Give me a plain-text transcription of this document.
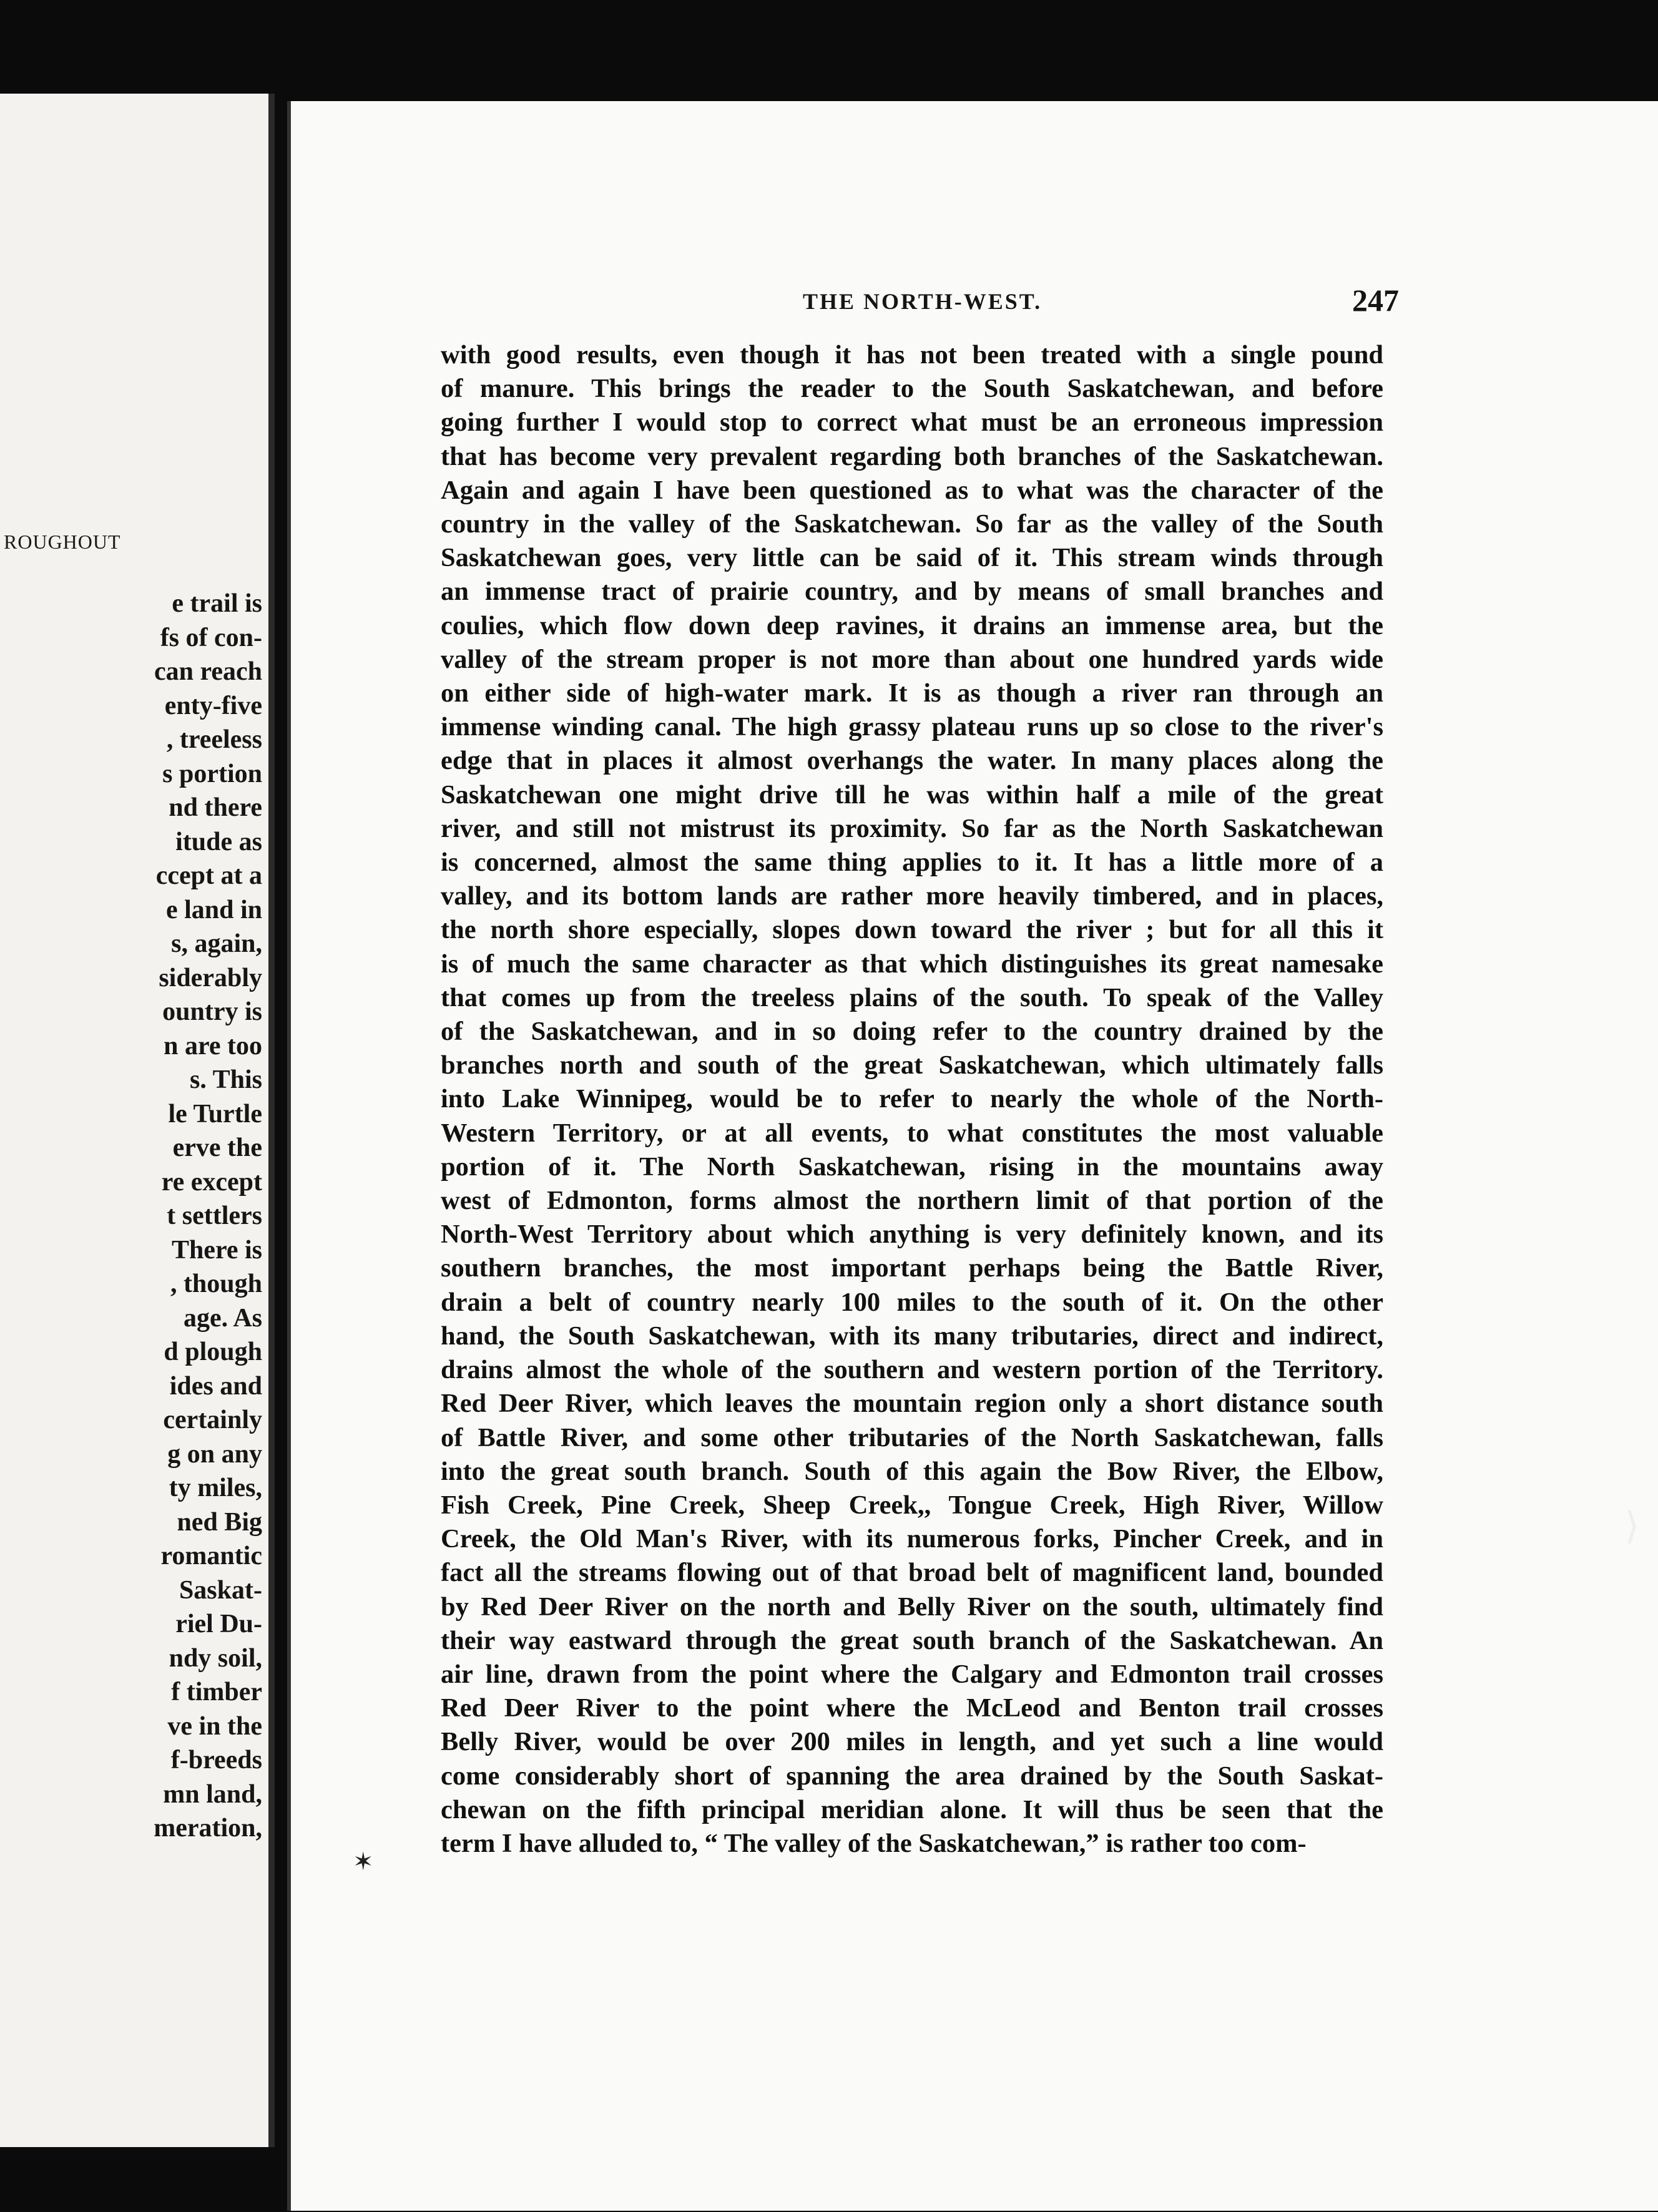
ROUGHOUT
e trail is
fs of con-
can reach
enty-five
, treeless
s portion
nd there
itude as
ccept at a
e land in
s, again,
siderably
ountry is
n are too
s. This
le Turtle
erve the
re except
t settlers
There is
, though
age. As
d plough
ides and
certainly
g on any
ty miles,
ned Big
romantic
Saskat-
riel Du-
ndy soil,
f timber
ve in the
f-breeds
mn land,
meration,
THE NORTH-WEST.	247
with good results, even though it has not been treated with a single pound
of manure. This brings the reader to the South Saskatchewan, and before
going further I would stop to correct what must be an erroneous impression
that has become very prevalent regarding both branches of the Saskatchewan.
Again and again I have been questioned as to what was the character of the
country in the valley of the Saskatchewan. So far as the valley of the South
Saskatchewan goes, very little can be said of it. This stream winds through
an immense tract of prairie country, and by means of small branches and
coulies, which flow down deep ravines, it drains an immense area, but the
valley of the stream proper is not more than about one hundred yards wide
on either side of high-water mark. It is as though a river ran through an
immense winding canal. The high grassy plateau runs up so close to the river's
edge that in places it almost overhangs the water. In many places along the
Saskatchewan one might drive till he was within half a mile of the great
river, and still not mistrust its proximity. So far as the North Saskatchewan
is concerned, almost the same thing applies to it. It has a little more of a
valley, and its bottom lands are rather more heavily timbered, and in places,
the north shore especially, slopes down toward the river ; but for all this it
is of much the same character as that which distinguishes its great namesake
that comes up from the treeless plains of the south. To speak of the Valley
of the Saskatchewan, and in so doing refer to the country drained by the
branches north and south of the great Saskatchewan, which ultimately falls
into Lake Winnipeg, would be to refer to nearly the whole of the North-
Western Territory, or at all events, to what constitutes the most valuable
portion of it. The North Saskatchewan, rising in the mountains away
west of Edmonton, forms almost the northern limit of that portion of the
North-West Territory about which anything is very definitely known, and its
southern branches, the most important perhaps being the Battle River,
drain a belt of country nearly 100 miles to the south of it. On the other
hand, the South Saskatchewan, with its many tributaries, direct and indirect,
drains almost the whole of the southern and western portion of the Territory.
Red Deer River, which leaves the mountain region only a short distance south
of Battle River, and some other tributaries of the North Saskatchewan, falls
into the great south branch. South of this again the Bow River, the Elbow,
Fish Creek, Pine Creek, Sheep Creek,, Tongue Creek, High River, Willow
Creek, the Old Man's River, with its numerous forks, Pincher Creek, and in
fact all the streams flowing out of that broad belt of magnificent land, bounded
by Red Deer River on the north and Belly River on the south, ultimately find
their way eastward through the great south branch of the Saskatchewan. An
air line, drawn from the point where the Calgary and Edmonton trail crosses
Red Deer River to the point where the McLeod and Benton trail crosses
Belly River, would be over 200 miles in length, and yet such a line would
come considerably short of spanning the area drained by the South Saskat-
chewan on the fifth principal meridian alone. It will thus be seen that the
term I have alluded to, “ The valley of the Saskatchewan,” is rather too com-
✶
⟩
